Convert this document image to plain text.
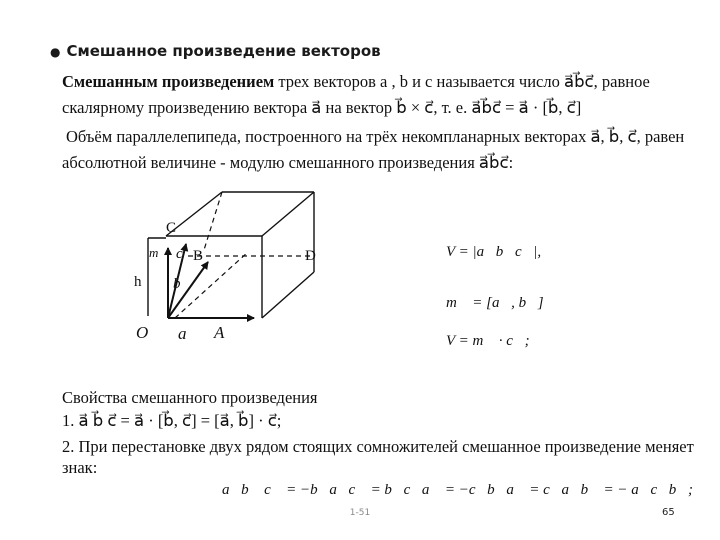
● Смешанное произведение векторов
Смешанным произведением трех векторов a , b и c называется число a⃗b⃗c⃗, равное
скалярному произведению вектора a⃗ на вектор b⃗ × c⃗, т. е. a⃗b⃗c⃗ = a⃗ · [b⃗, c⃗]
Объём параллелепипеда, построенного на трёх некомпланарных векторах a⃗, b⃗, c⃗, равен
абсолютной величине - модулю смешанного произведения a⃗b⃗c⃗:
C
B	D
h
m⃗ c⃗
b⃗
O a⃗ A
V = |a⃗b⃗c⃗|,
m⃗ = [a⃗, b⃗]
V = m⃗ · c⃗;
Свойства смешанного произведения
1. a⃗ b⃗ c⃗ = a⃗ · [b⃗, c⃗] = [a⃗, b⃗] · c⃗;
2. При перестановке двух рядом стоящих сомножителей смешанное произведение меняет
знак:
a⃗b⃗ c⃗ = −b⃗a⃗c⃗ = b⃗c⃗a⃗ = −c⃗b⃗a⃗ = c⃗a⃗b⃗ = − a⃗c⃗b⃗;
1-51	65
